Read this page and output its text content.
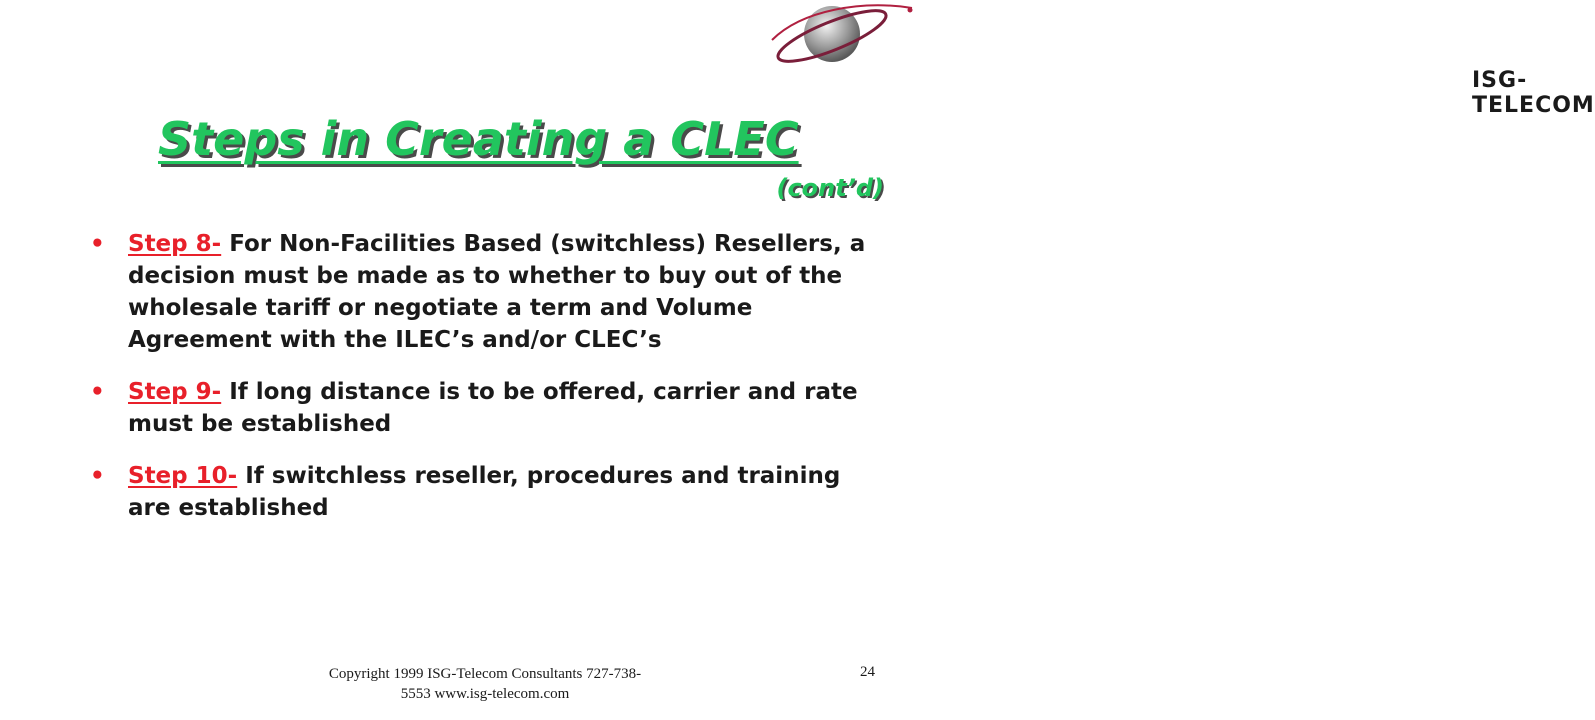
ISG-TELECOM
Steps in Creating a CLEC
(cont’d)
• Step 8- For Non-Facilities Based (switchless) Resellers, a decision must be made as to whether to buy out of the wholesale tariff or negotiate a term and Volume Agreement with the ILEC’s and/or CLEC’s
• Step 9- If long distance is to be offered, carrier and rate must be established
• Step 10- If switchless reseller, procedures and training are established
Copyright 1999 ISG-Telecom Consultants 727-738-5553 www.isg-telecom.com
24
